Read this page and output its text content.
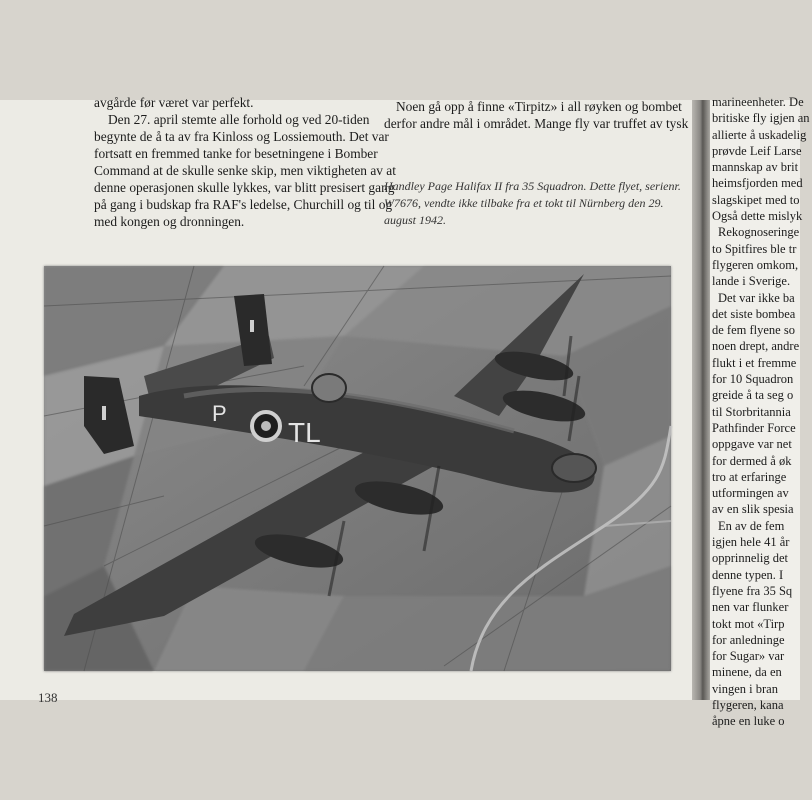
avgårde før været var perfekt.
Den 27. april stemte alle forhold og ved 20-tiden
begynte de å ta av fra Kinloss og Lossiemouth. Det var
fortsatt en fremmed tanke for besetningene i Bomber
Command at de skulle senke skip, men viktigheten av at
denne operasjonen skulle lykkes, var blitt presisert gang
på gang i budskap fra RAF's ledelse, Churchill og til og
med kongen og dronningen.
Noen gå opp å finne «Tirpitz» i all røyken og bombet
derfor andre mål i området. Mange fly var truffet av tysk
Handley Page Halifax II fra 35 Squadron. Dette flyet, serienr.
W7676, vendte ikke tilbake fra et tokt til Nürnberg den 29.
august 1942.
P
TL
138
marineenheter. De
britiske fly igjen an
allierte å uskadelig
prøvde Leif Larse
mannskap av brit
heimsfjorden med
slagskipet med to
Også dette mislyk
Rekognoseringe
to Spitfires ble tr
flygeren omkom,
lande i Sverige.
Det var ikke ba
det siste bombea
de fem flyene so
noen drept, andre
flukt i et fremme
for 10 Squadron
greide å ta seg o
til Storbritannia
Pathfinder Force
oppgave var net
for dermed å øk
tro at erfaringe
utformingen av
av en slik spesia
En av de fem
igjen hele 41 år
opprinnelig det
denne typen. I
flyene fra 35 Sq
nen var flunker
tokt mot «Tirp
for anledninge
for Sugar» var
minene, da en
vingen i bran
flygeren, kana
åpne en luke o
